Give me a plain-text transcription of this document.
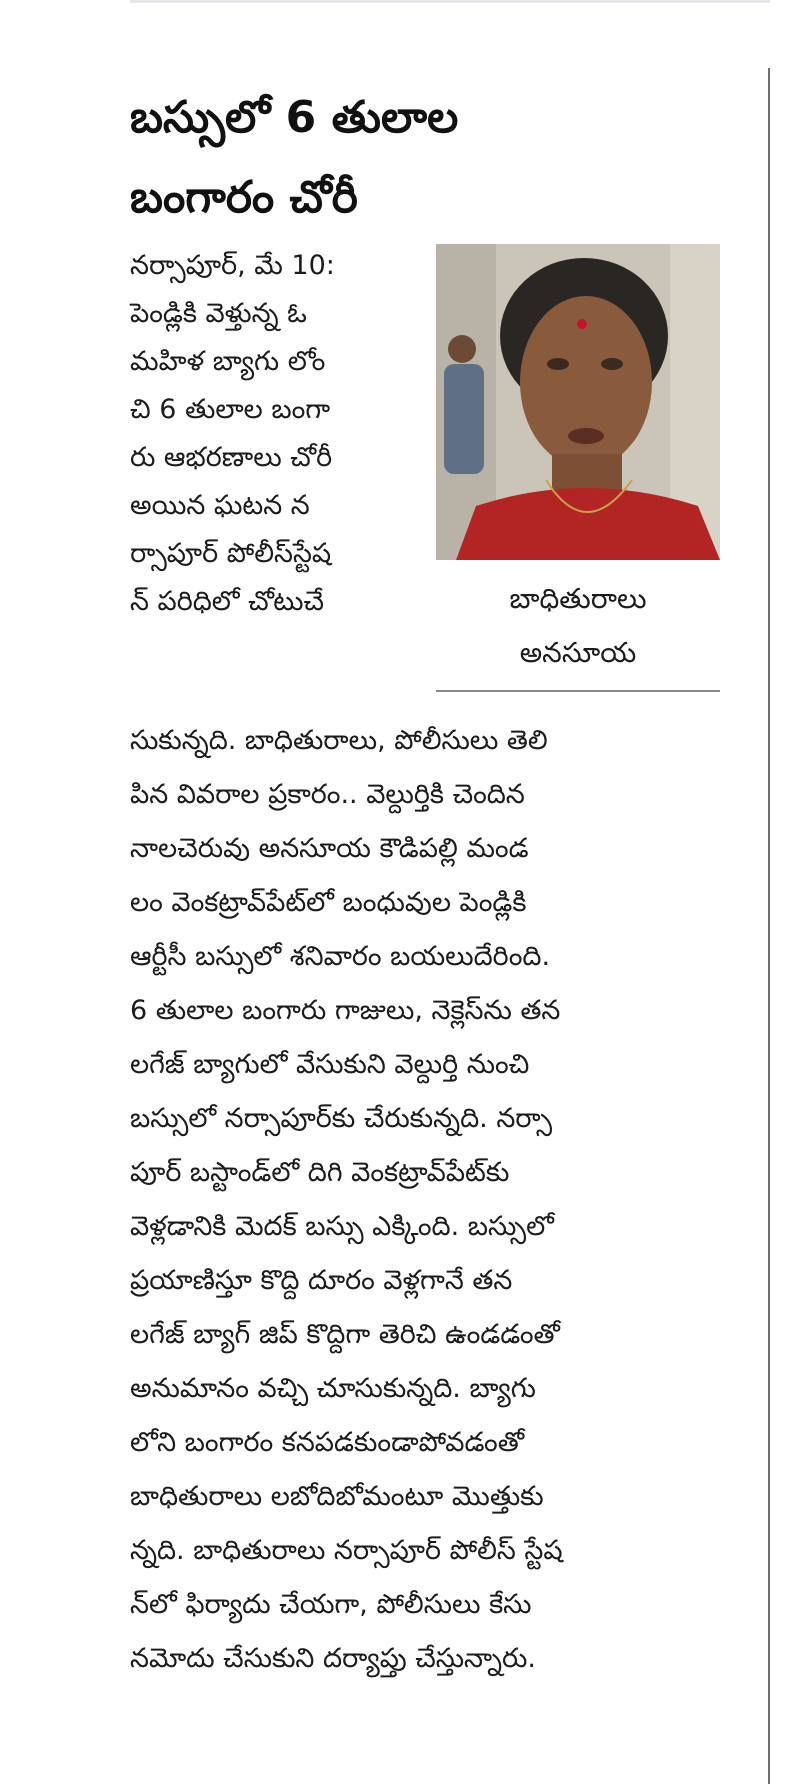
బస్సులో 6 తులాల
బంగారం చోరీ
నర్సాపూర్, మే 10:
పెండ్లికి వెళ్తున్న ఓ
మహిళ బ్యాగు లోం
చి 6 తులాల బంగా
రు ఆభరణాలు చోరీ
అయిన ఘటన న
ర్సాపూర్ పోలీస్‌స్టేష
న్ పరిధిలో చోటుచే	బాధితురాలు
అనసూయ
సుకున్నది. బాధితురాలు, పోలీసులు తెలి
పిన వివరాల ప్రకారం.. వెల్దుర్తికి చెందిన
నాలచెరువు అనసూయ కౌడిపల్లి మండ
లం వెంకట్రావ్‌పేట్‌లో బంధువుల పెండ్లికి
ఆర్టీసీ బస్సులో శనివారం బయలుదేరింది.
6 తులాల బంగారు గాజులు, నెక్లెస్‌ను తన
లగేజ్ బ్యాగులో వేసుకుని వెల్దుర్తి నుంచి
బస్సులో నర్సాపూర్‌కు చేరుకున్నది. నర్సా
పూర్ బస్టాండ్‌లో దిగి వెంకట్రావ్‌పేట్‌కు
వెళ్లడానికి మెదక్ బస్సు ఎక్కింది. బస్సులో
ప్రయాణిస్తూ కొద్ది దూరం వెళ్లగానే తన
లగేజ్ బ్యాగ్ జిప్ కొద్దిగా తెరిచి ఉండడంతో
అనుమానం వచ్చి చూసుకున్నది. బ్యాగు
లోని బంగారం కనపడకుండాపోవడంతో
బాధితురాలు లబోదిబోమంటూ మొత్తుకు
న్నది. బాధితురాలు నర్సాపూర్ పోలీస్ స్టేష
న్‌లో ఫిర్యాదు చేయగా, పోలీసులు కేసు
నమోదు చేసుకుని దర్యాప్తు చేస్తున్నారు.
